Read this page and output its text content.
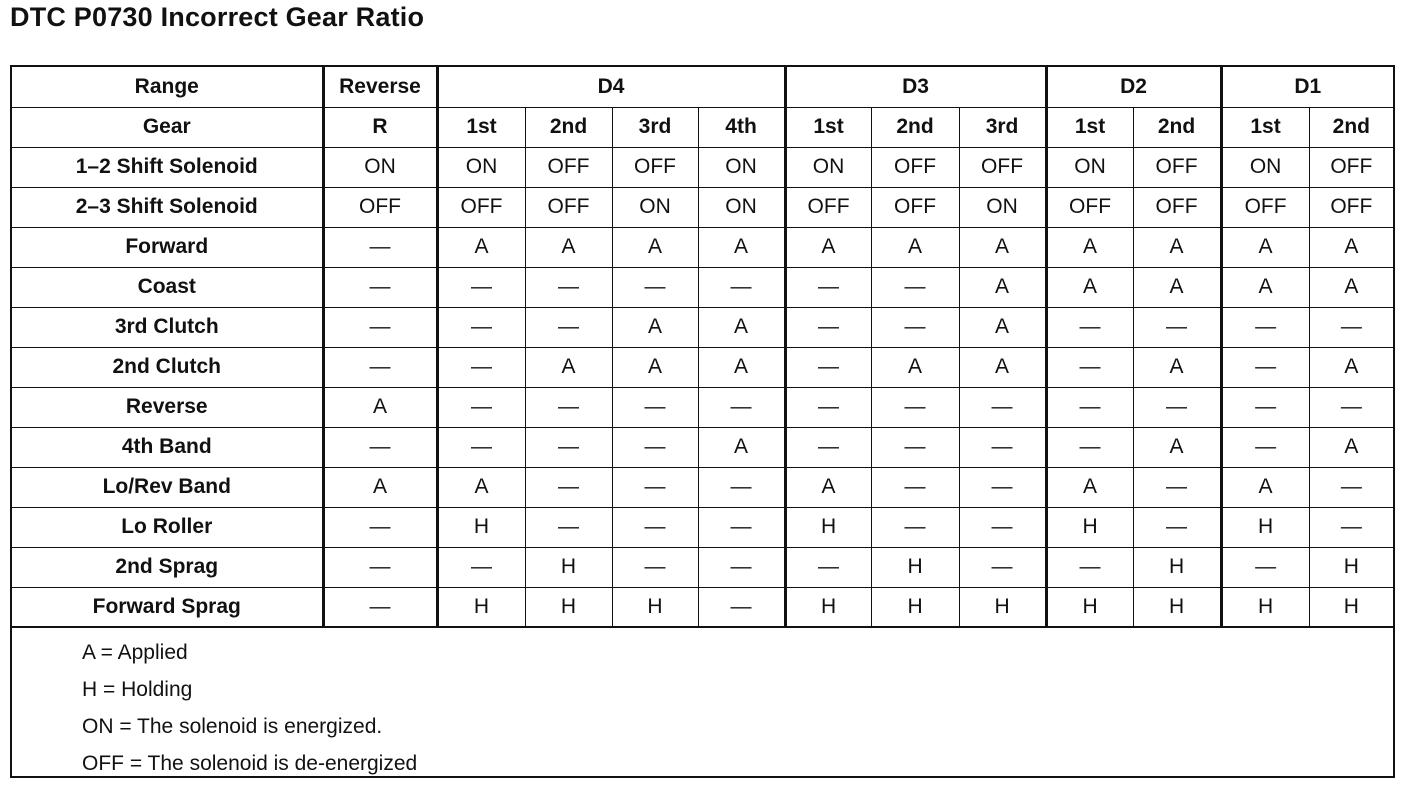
DTC P0730 Incorrect Gear Ratio
Range	Reverse	D4				D3			D2		D1	
Gear	R	1st	2nd	3rd	4th	1st	2nd	3rd	1st	2nd	1st	2nd
1–2 Shift Solenoid	ON	ON	OFF	OFF	ON	ON	OFF	OFF	ON	OFF	ON	OFF
2–3 Shift Solenoid	OFF	OFF	OFF	ON	ON	OFF	OFF	ON	OFF	OFF	OFF	OFF
Forward	—	A	A	A	A	A	A	A	A	A	A	A
Coast	—	—	—	—	—	—	—	A	A	A	A	A
3rd Clutch	—	—	—	A	A	—	—	A	—	—	—	—
2nd Clutch	—	—	A	A	A	—	A	A	—	A	—	A
Reverse	A	—	—	—	—	—	—	—	—	—	—	—
4th Band	—	—	—	—	A	—	—	—	—	A	—	A
Lo/Rev Band	A	A	—	—	—	A	—	—	A	—	A	—
Lo Roller	—	H	—	—	—	H	—	—	H	—	H	—
2nd Sprag	—	—	H	—	—	—	H	—	—	H	—	H
Forward Sprag	—	H	H	H	—	H	H	H	H	H	H	H
A = Applied
H = Holding
ON = The solenoid is energized.
OFF = The solenoid is de-energized
